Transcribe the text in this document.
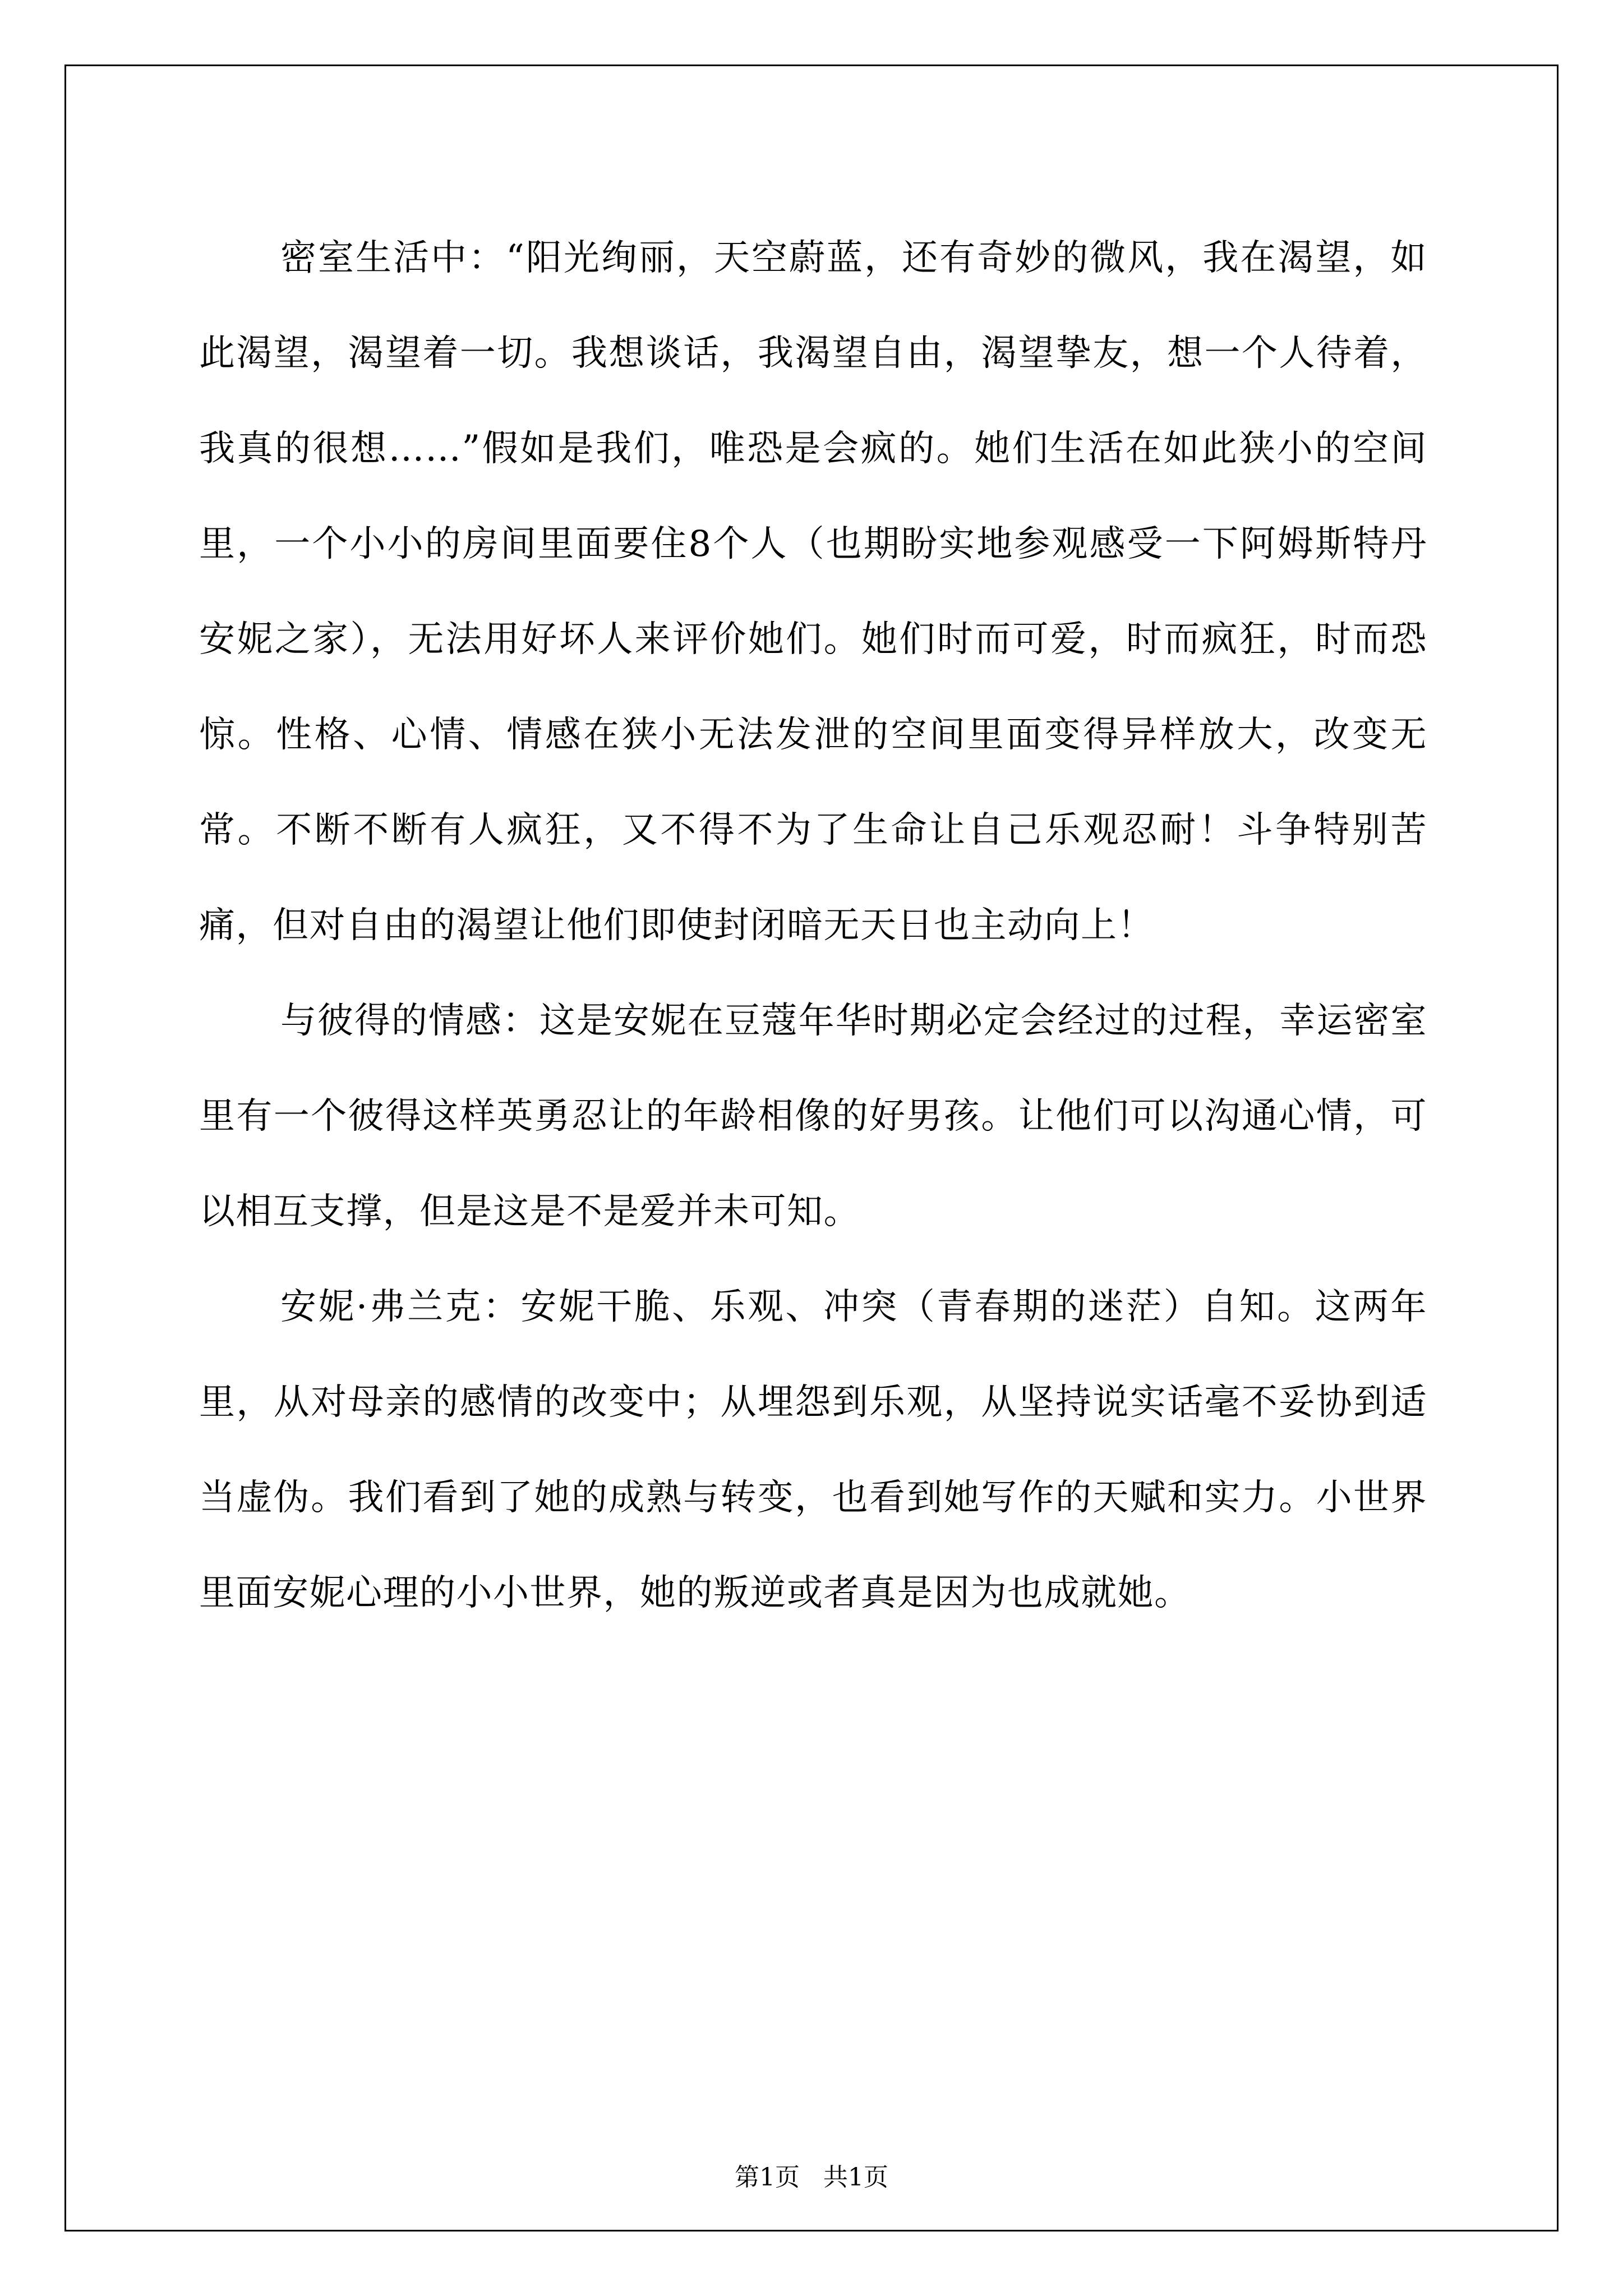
密室生活中：“阳光绚丽，天空蔚蓝，还有奇妙的微风，我在渴望，如此渴望，渴望着一切。我想谈话，我渴望自由，渴望挚友，想一个人待着，我真的很想……”假如是我们，唯恐是会疯的。她们生活在如此狭小的空间里，一个小小的房间里面要住8个人（也期盼实地参观感受一下阿姆斯特丹安妮之家），无法用好坏人来评价她们。她们时而可爱，时而疯狂，时而恐惊。性格、心情、情感在狭小无法发泄的空间里面变得异样放大，改变无常。不断不断有人疯狂，又不得不为了生命让自己乐观忍耐！斗争特别苦痛，但对自由的渴望让他们即使封闭暗无天日也主动向上！

与彼得的情感：这是安妮在豆蔻年华时期必定会经过的过程，幸运密室里有一个彼得这样英勇忍让的年龄相像的好男孩。让他们可以沟通心情，可以相互支撑，但是这是不是爱并未可知。

安妮·弗兰克：安妮干脆、乐观、冲突（青春期的迷茫）自知。这两年里，从对母亲的感情的改变中；从埋怨到乐观，从坚持说实话毫不妥协到适当虚伪。我们看到了她的成熟与转变，也看到她写作的天赋和实力。小世界里面安妮心理的小小世界，她的叛逆或者真是因为也成就她。

第1页   共1页
